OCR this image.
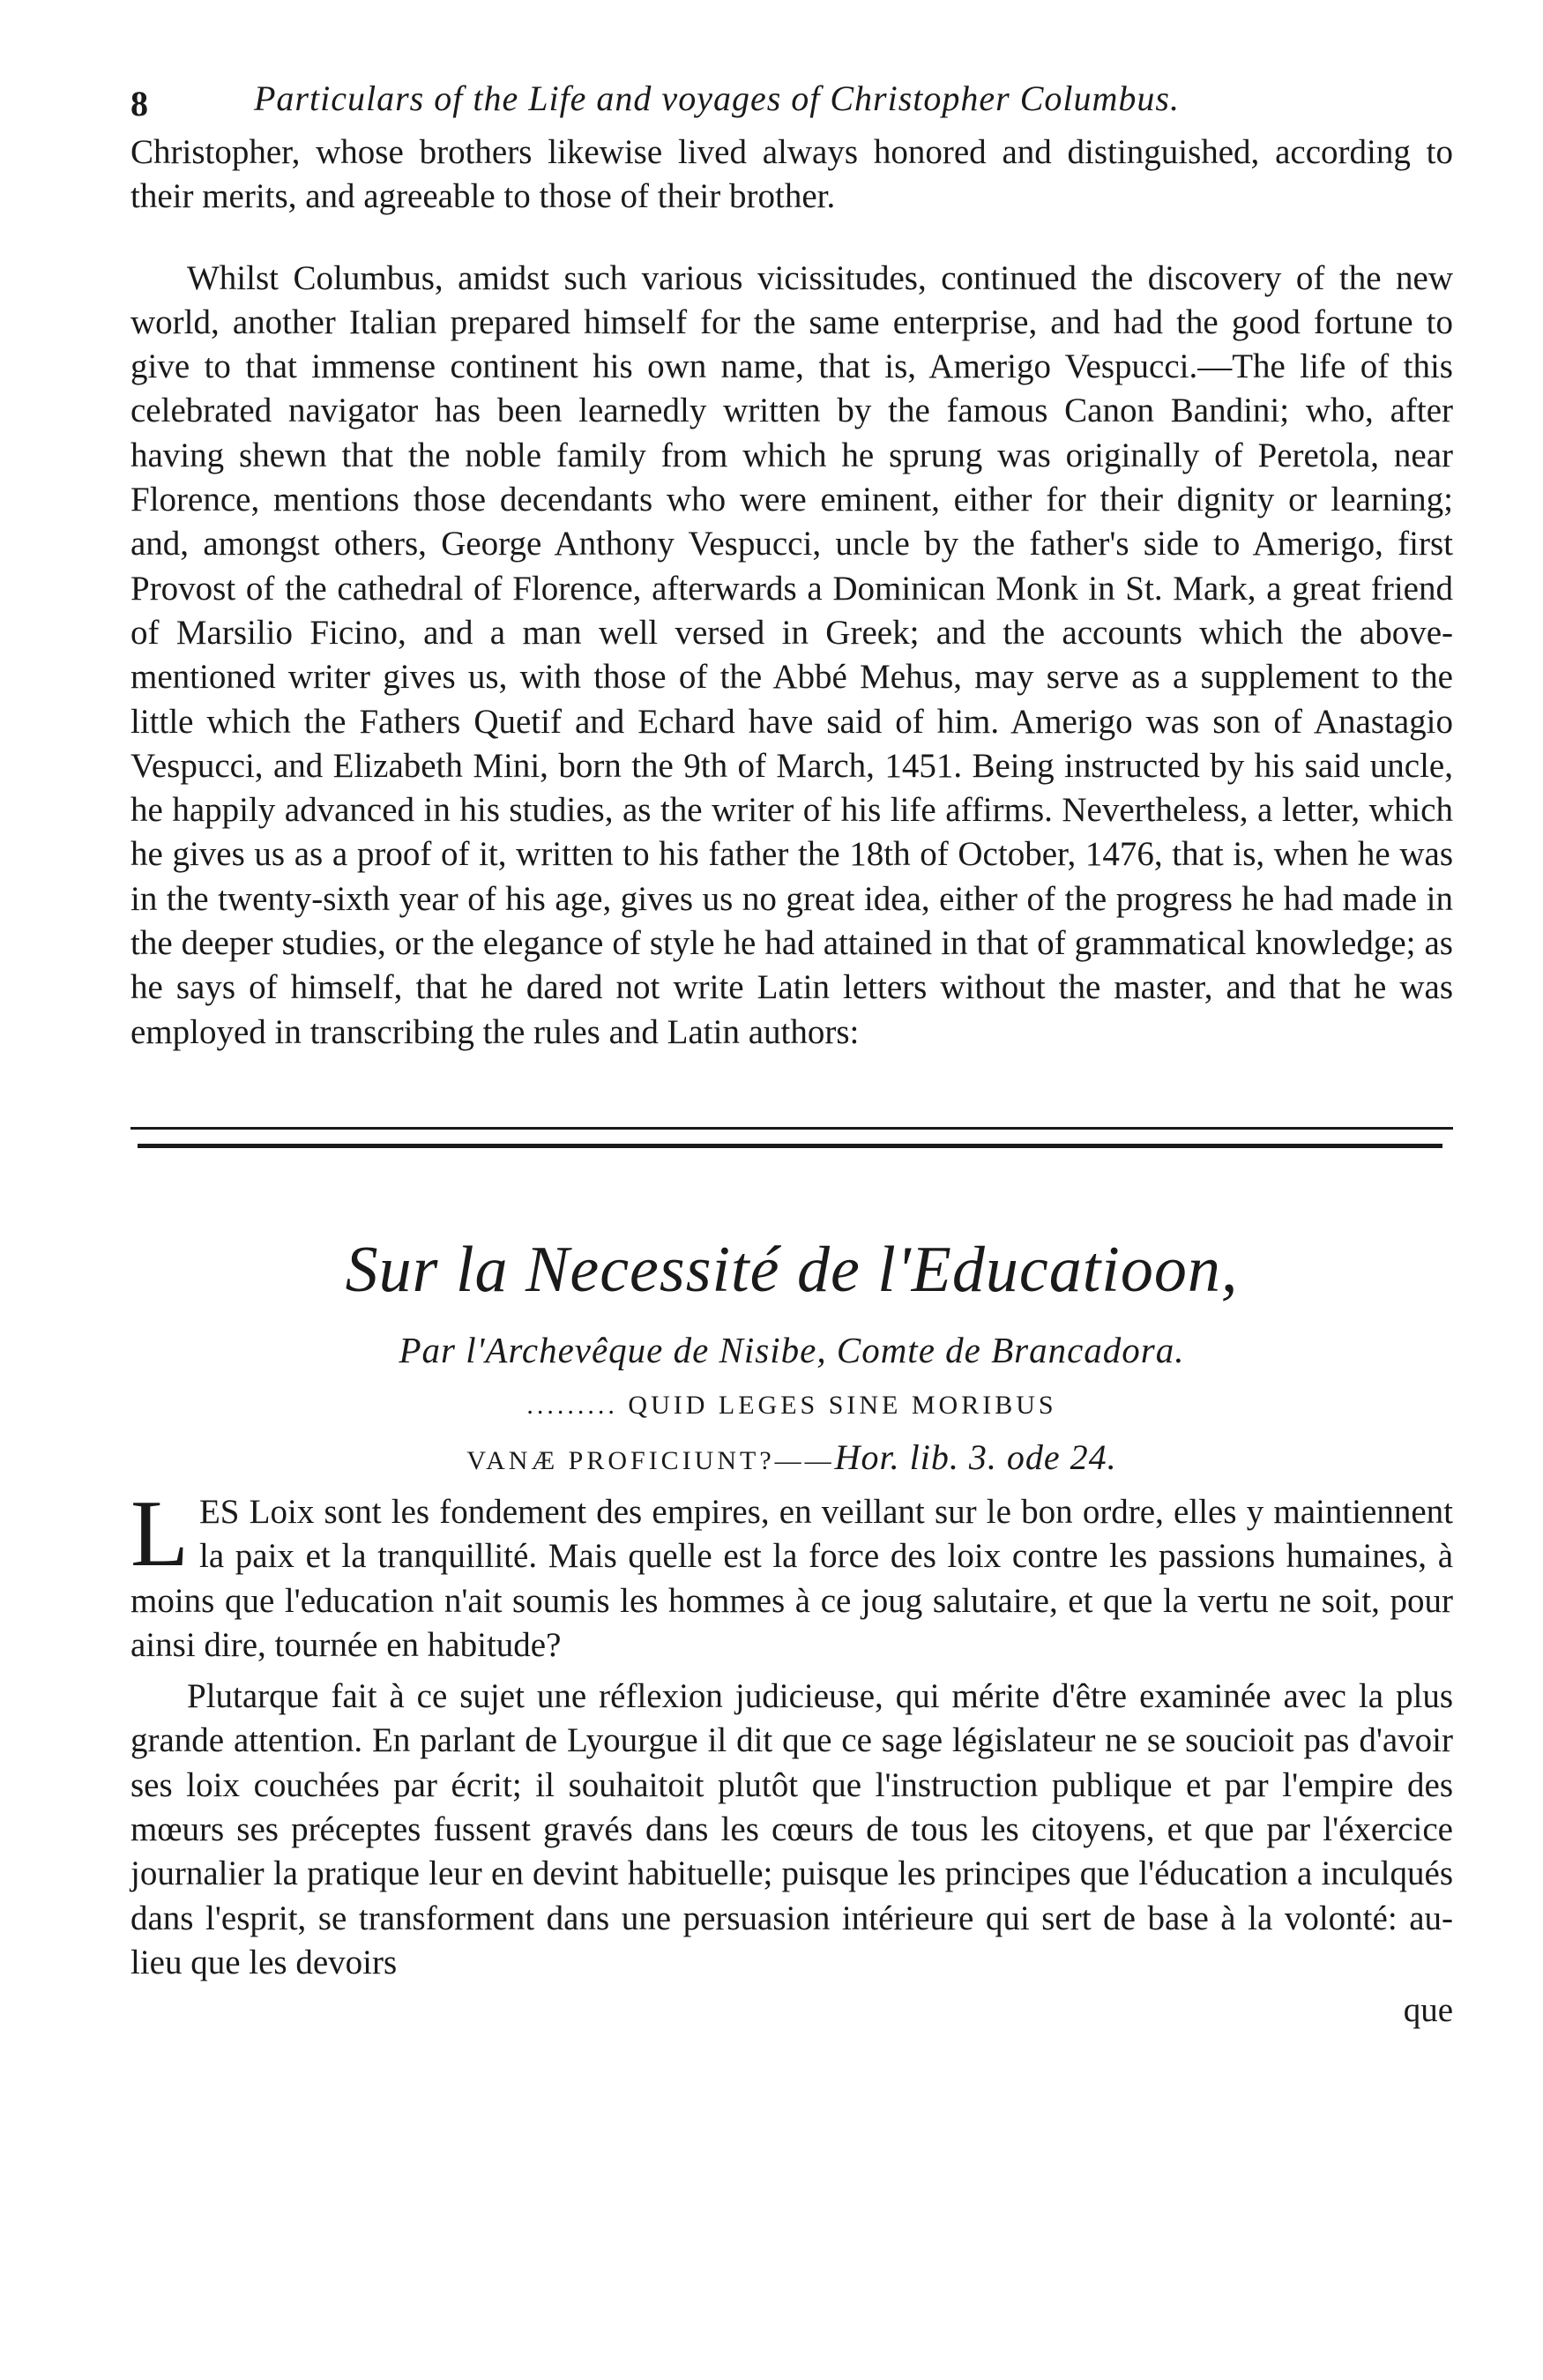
8	Particulars of the Life and voyages of Christopher Columbus.

Christopher, whose brothers likewise lived always honored and distinguished, according to their merits, and agreeable to those of their brother.

Whilst Columbus, amidst such various vicissitudes, continued the discovery of the new world, another Italian prepared himself for the same enterprise, and had the good fortune to give to that immense continent his own name, that is, Amerigo Vespucci.—The life of this celebrated navigator has been learnedly written by the famous Canon Bandini; who, after having shewn that the noble family from which he sprung was originally of Peretola, near Florence, mentions those decendants who were eminent, either for their dignity or learning; and, amongst others, George Anthony Vespucci, uncle by the father's side to Amerigo, first Provost of the cathedral of Florence, afterwards a Dominican Monk in St. Mark, a great friend of Marsilio Ficino, and a man well versed in Greek; and the accounts which the above-mentioned writer gives us, with those of the Abbé Mehus, may serve as a supplement to the little which the Fathers Quetif and Echard have said of him. Amerigo was son of Anastagio Vespucci, and Elizabeth Mini, born the 9th of March, 1451. Being instructed by his said uncle, he happily advanced in his studies, as the writer of his life affirms. Nevertheless, a letter, which he gives us as a proof of it, written to his father the 18th of October, 1476, that is, when he was in the twenty-sixth year of his age, gives us no great idea, either of the progress he had made in the deeper studies, or the elegance of style he had attained in that of grammatical knowledge; as he says of himself, that he dared not write Latin letters without the master, and that he was employed in transcribing the rules and Latin authors:

Sur la Necessité de l'Educatioon,
Par l'Archevêque de Nisibe, Comte de Brancadora.
......... QUID LEGES SINE MORIBUS
VANÆ PROFICIUNT?——Hor. lib. 3. ode 24.
L ES Loix sont les fondement des empires, en veillant sur le bon ordre, elles y maintiennent la paix et la tranquillité. Mais quelle est la force des loix contre les passions humaines, à moins que l'education n'ait soumis les hommes à ce joug salutaire, et que la vertu ne soit, pour ainsi dire, tournée en habitude?

Plutarque fait à ce sujet une réflexion judicieuse, qui mérite d'être examinée avec la plus grande attention. En parlant de Lyourgue il dit que ce sage législateur ne se soucioit pas d'avoir ses loix couchées par écrit; il souhaitoit plutôt que l'instruction publique et par l'empire des mœurs ses préceptes fussent gravés dans les cœurs de tous les citoyens, et que par l'éxercice journalier la pratique leur en devint habituelle; puisque les principes que l'éducation a inculqués dans l'esprit, se transforment dans une persuasion intérieure qui sert de base à la volonté: au-lieu que les devoirs

que
